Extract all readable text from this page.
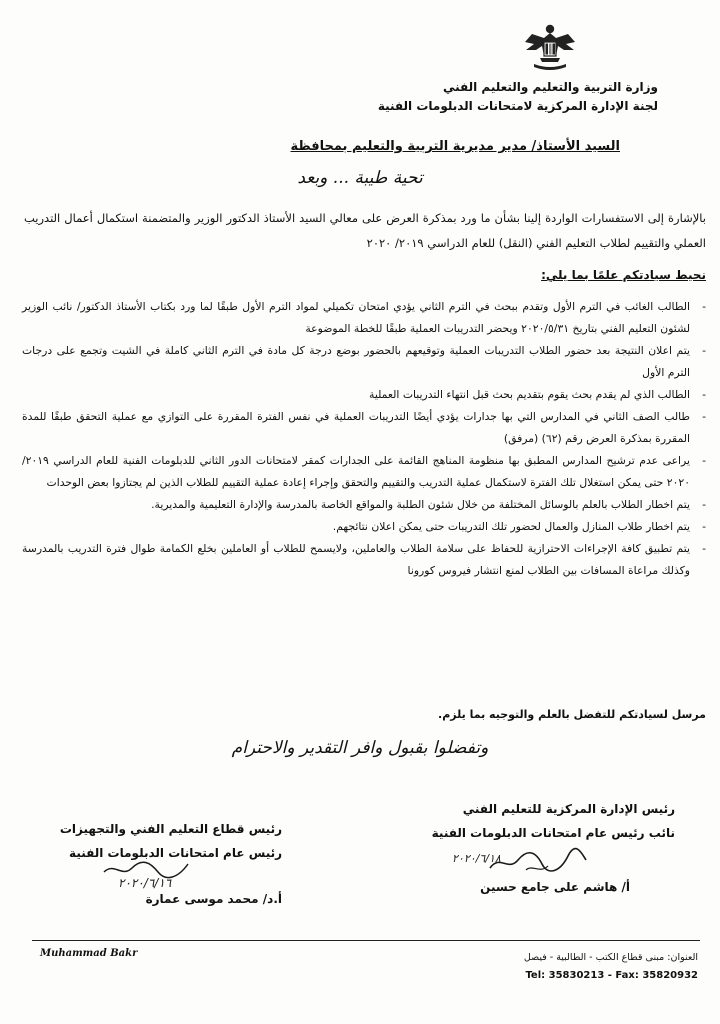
وزارة التربية والتعليم والتعليم الفني
لجنة الإدارة المركزية لامتحانات الدبلومات الفنية
السيد الأستاذ/ مدير مديرية التربية والتعليم بمحافظة
تحية طيبة ... وبعد
بالإشارة إلى الاستفسارات الواردة إلينا بشأن ما ورد بمذكرة العرض على معالي السيد الأستاذ الدكتور الوزير والمتضمنة استكمال أعمال التدريب العملي والتقييم لطلاب التعليم الفني (النقل) للعام الدراسي ٢٠١٩/ ٢٠٢٠
نحيط سيادتكم علمًا بما يلي:
-
الطالب الغائب في الترم الأول وتقدم ببحث في الترم الثاني يؤدي امتحان تكميلي لمواد الترم الأول طبقًا لما ورد بكتاب الأستاذ الدكتور/ نائب الوزير لشئون التعليم الفني بتاريخ ٢٠٢٠/٥/٣١ ويحضر التدريبات العملية طبقًا للخطة الموضوعة
-
يتم اعلان النتيجة بعد حضور الطلاب التدريبات العملية وتوقيعهم بالحضور بوضع درجة كل مادة في الترم الثاني كاملة في الشيت وتجمع على درجات الترم الأول
-
الطالب الذي لم يقدم بحث يقوم بتقديم بحث قبل انتهاء التدريبات العملية
-
طالب الصف الثاني في المدارس التي بها جدارات يؤدي أيضًا التدريبات العملية في نفس الفترة المقررة على التوازي مع عملية التحقق طبقًا للمدة المقررة بمذكرة العرض رقم (٦٢) (مرفق)
-
يراعى عدم ترشيح المدارس المطبق بها منظومة المناهج القائمة على الجدارات كمقر لامتحانات الدور الثاني للدبلومات الفنية للعام الدراسي ٢٠١٩/ ٢٠٢٠ حتى يمكن استغلال تلك الفترة لاستكمال عملية التدريب والتقييم والتحقق وإجراء إعادة عملية التقييم للطلاب الذين لم يجتازوا بعض الوحدات
-
يتم اخطار الطلاب بالعلم بالوسائل المختلفة من خلال شئون الطلبة والمواقع الخاصة بالمدرسة والإدارة التعليمية والمديرية.
-
يتم اخطار طلاب المنازل والعمال لحضور تلك التدريبات حتى يمكن اعلان نتائجهم.
-
يتم تطبيق كافة الإجراءات الاحترازية للحفاظ على سلامة الطلاب والعاملين، ولايسمح للطلاب أو العاملين بخلع الكمامة طوال فترة التدريب بالمدرسة وكذلك مراعاة المسافات بين الطلاب لمنع انتشار فيروس كورونا
مرسل لسيادتكم للتفضل بالعلم والتوجيه بما يلزم.
وتفضلوا بقبول وافر التقدير والاحترام
رئيس الإدارة المركزية للتعليم الفني
نائب رئيس عام امتحانات الدبلومات الفنية
٢٠٢٠/٦/١٨
أ/ هاشم على جامع حسين
رئيس قطاع التعليم الفني والتجهيزات
رئيس عام امتحانات الدبلومات الفنية
٢٠٢٠/٦/١٦
أ.د/ محمد موسى عمارة
Muhammad Bakr	العنوان: مبنى قطاع الكتب - الطالبية - فيصل
Tel: 35830213 - Fax: 35820932
